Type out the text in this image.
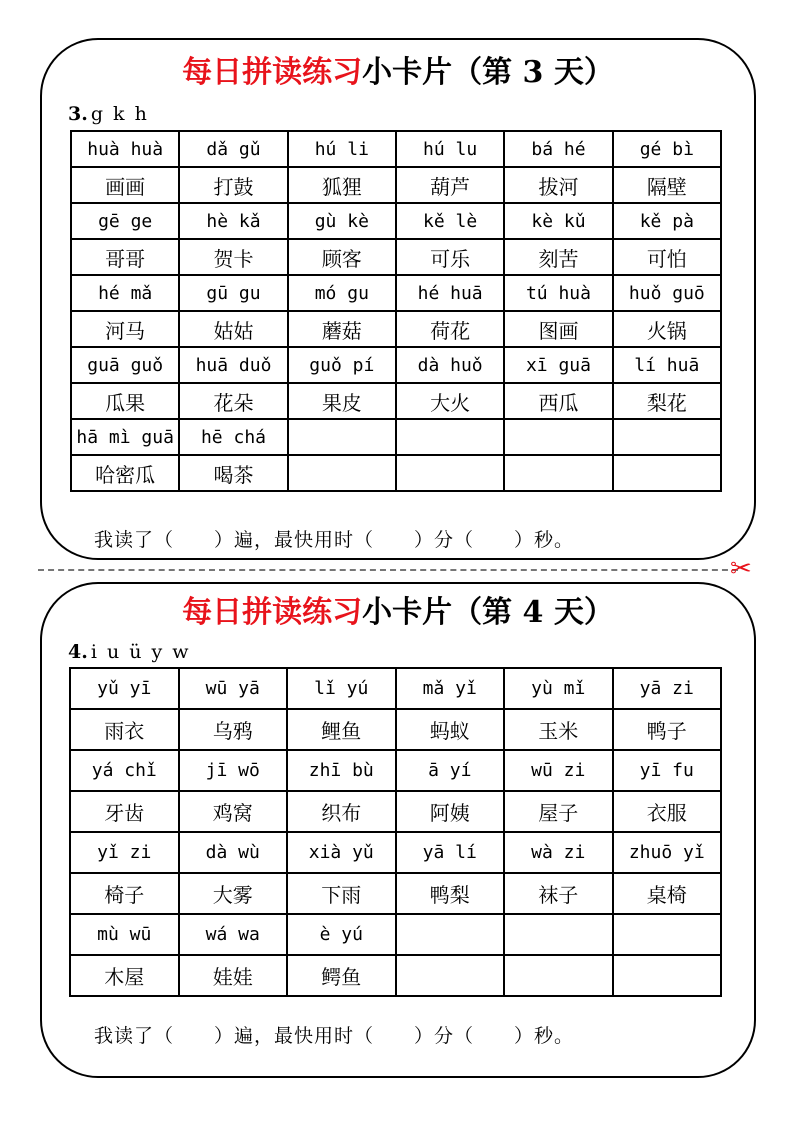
每日拼读练习小卡片（第 3 天）
3. g k h
huà huà	dǎ gǔ	hú li	hú lu	bá hé	gé bì
画画	打鼓	狐狸	葫芦	拔河	隔壁
gē ge	hè kǎ	gù kè	kě lè	kè kǔ	kě pà
哥哥	贺卡	顾客	可乐	刻苦	可怕
hé mǎ	gū gu	mó gu	hé huā	tú huà	huǒ guō
河马	姑姑	蘑菇	荷花	图画	火锅
guā guǒ	huā duǒ	guǒ pí	dà huǒ	xī guā	lí huā
瓜果	花朵	果皮	大火	西瓜	梨花
hā mì guā	hē chá				
哈密瓜	喝茶				
我读了（　　）遍，最快用时（　　）分（　　）秒。
✂
每日拼读练习小卡片（第 4 天）
4. i u ü y w
yǔ yī	wū yā	lǐ yú	mǎ yǐ	yù mǐ	yā zi
雨衣	乌鸦	鲤鱼	蚂蚁	玉米	鸭子
yá chǐ	jī wō	zhī bù	ā yí	wū zi	yī fu
牙齿	鸡窝	织布	阿姨	屋子	衣服
yǐ zi	dà wù	xià yǔ	yā lí	wà zi	zhuō yǐ
椅子	大雾	下雨	鸭梨	袜子	桌椅
mù wū	wá wa	è yú			
木屋	娃娃	鳄鱼			
我读了（　　）遍，最快用时（　　）分（　　）秒。
